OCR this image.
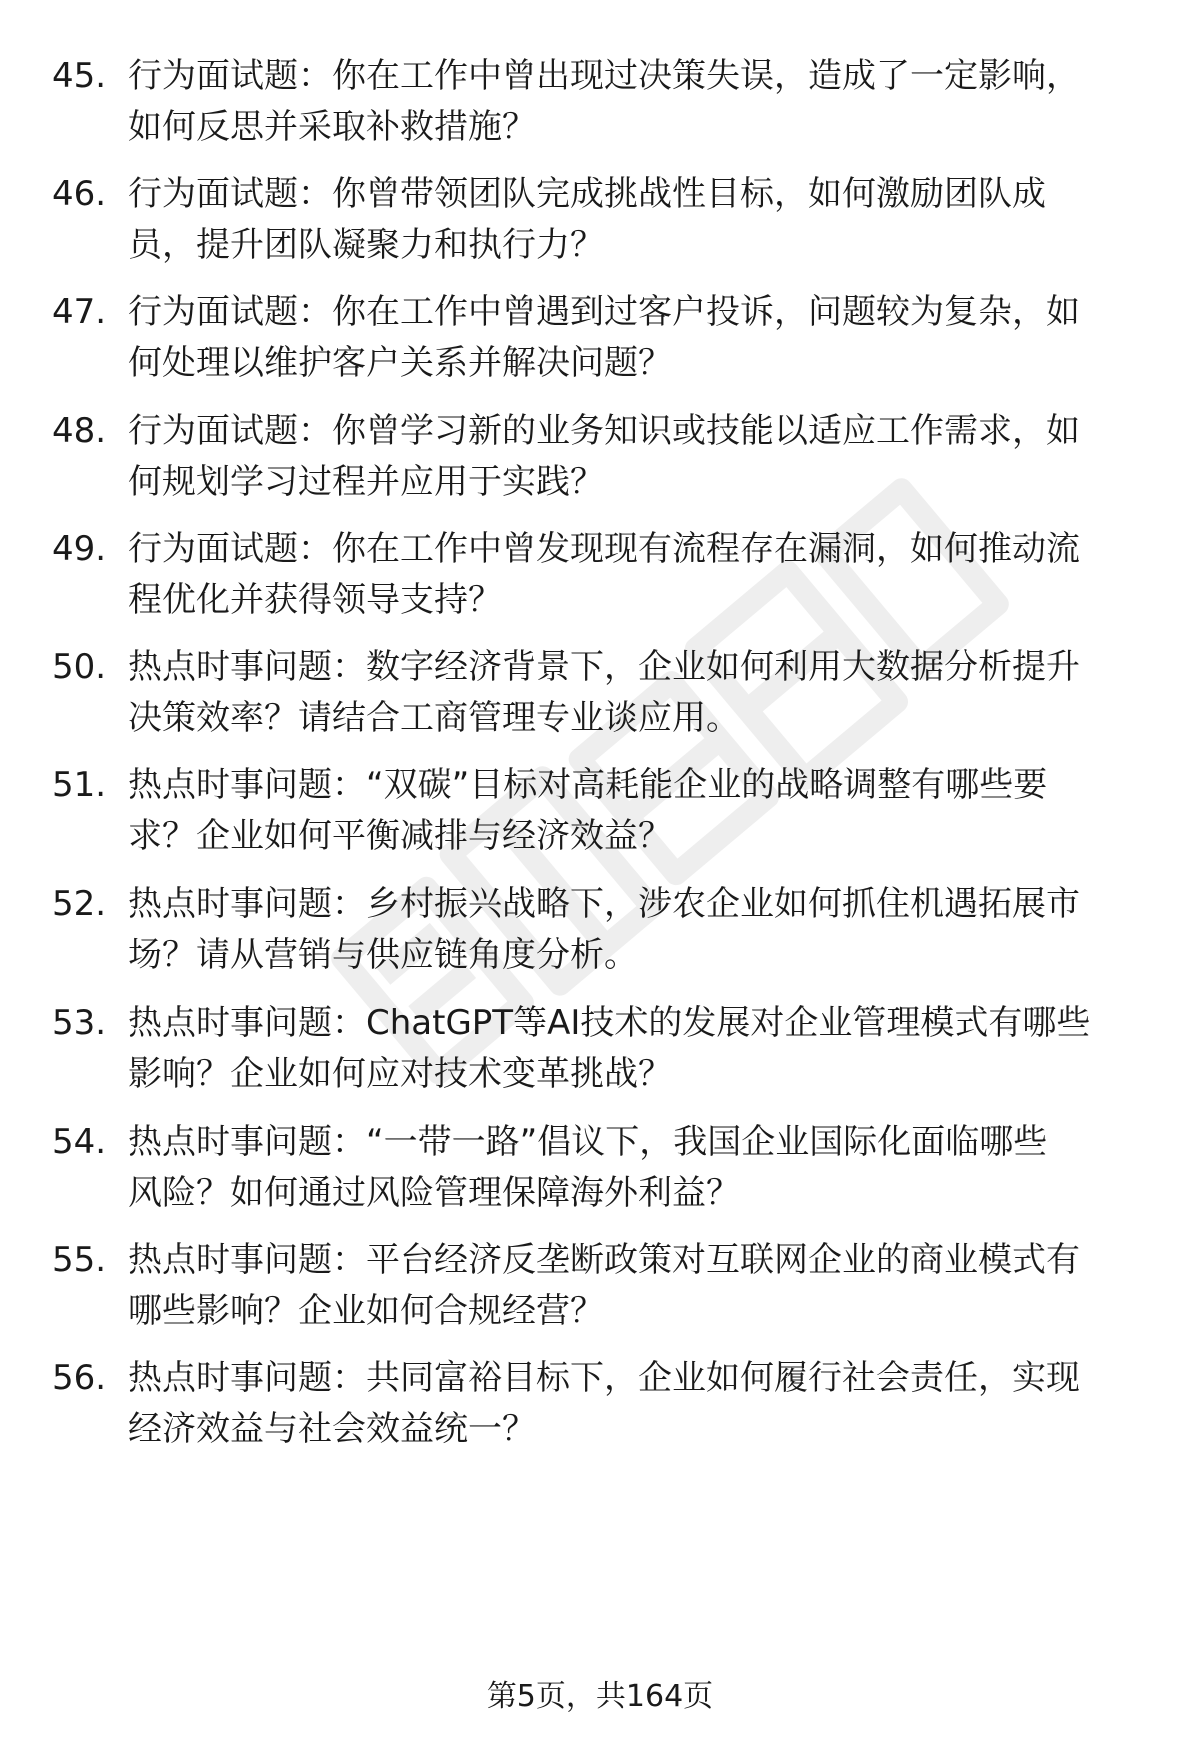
45. 行为面试题：你在工作中曾出现过决策失误，造成了一定影响，
如何反思并采取补救措施？
46. 行为面试题：你曾带领团队完成挑战性目标，如何激励团队成
员，提升团队凝聚力和执行力？
47. 行为面试题：你在工作中曾遇到过客户投诉，问题较为复杂，如
何处理以维护客户关系并解决问题？
48. 行为面试题：你曾学习新的业务知识或技能以适应工作需求，如
何规划学习过程并应用于实践？
49. 行为面试题：你在工作中曾发现现有流程存在漏洞，如何推动流
程优化并获得领导支持？
50. 热点时事问题：数字经济背景下，企业如何利用大数据分析提升
决策效率？请结合工商管理专业谈应用。
51. 热点时事问题：“双碳”目标对高耗能企业的战略调整有哪些要
求？企业如何平衡减排与经济效益？
52. 热点时事问题：乡村振兴战略下，涉农企业如何抓住机遇拓展市
场？请从营销与供应链角度分析。
53. 热点时事问题：ChatGPT等AI技术的发展对企业管理模式有哪些
影响？企业如何应对技术变革挑战？
54. 热点时事问题：“一带一路”倡议下，我国企业国际化面临哪些
风险？如何通过风险管理保障海外利益？
55. 热点时事问题：平台经济反垄断政策对互联网企业的商业模式有
哪些影响？企业如何合规经营？
56. 热点时事问题：共同富裕目标下，企业如何履行社会责任，实现
经济效益与社会效益统一？
第5页，共164页
